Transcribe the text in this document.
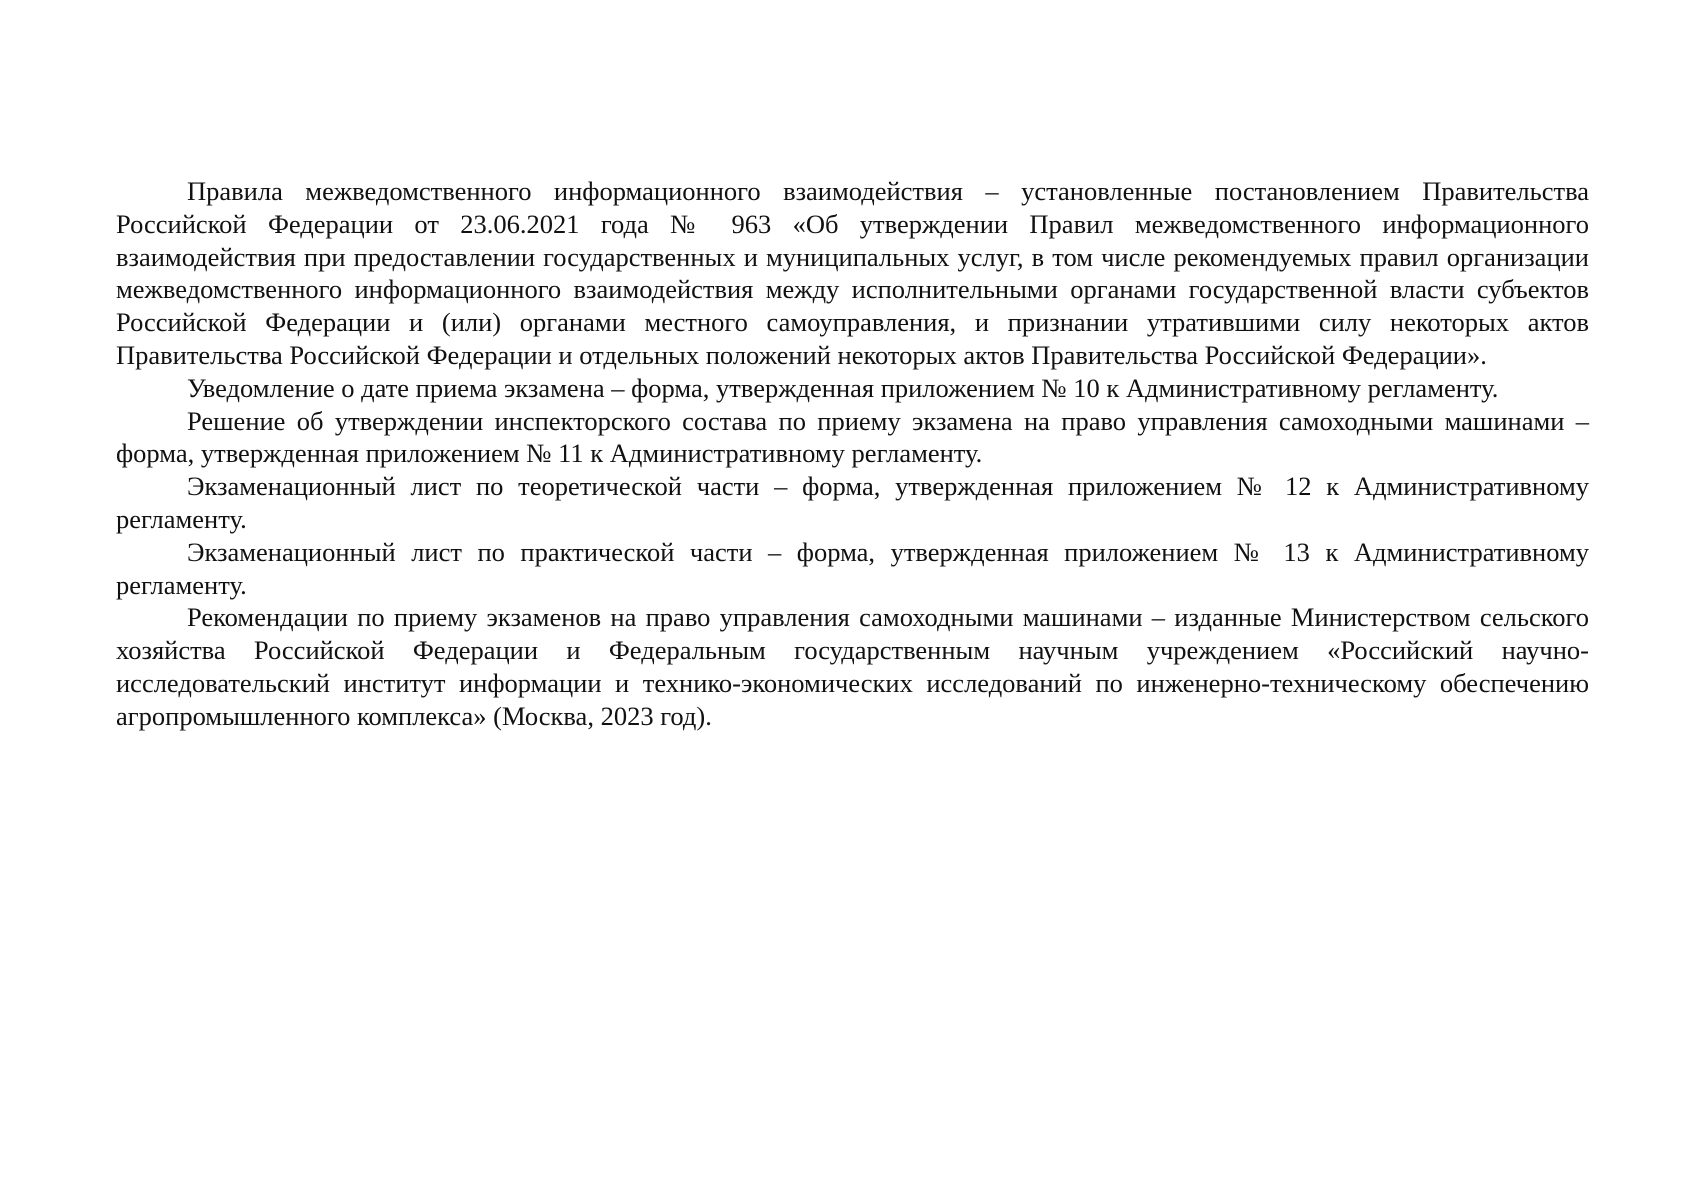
Правила межведомственного информационного взаимодействия – установленные постановлением Правительства Российской Федерации от 23.06.2021 года № 963 «Об утверждении Правил межведомственного информационного взаимодействия при предоставлении государственных и муниципальных услуг, в том числе рекомендуемых правил организации межведомственного информационного взаимодействия между исполнительными органами государственной власти субъектов Российской Федерации и (или) органами местного самоуправления, и признании утратившими силу некоторых актов Правительства Российской Федерации и отдельных положений некоторых актов Правительства Российской Федерации».

Уведомление о дате приема экзамена – форма, утвержденная приложением № 10 к Административному регламенту.

Решение об утверждении инспекторского состава по приему экзамена на право управления самоходными машинами – форма, утвержденная приложением № 11 к Административному регламенту.

Экзаменационный лист по теоретической части – форма, утвержденная приложением № 12 к Административному регламенту.

Экзаменационный лист по практической части – форма, утвержденная приложением № 13 к Административному регламенту.

Рекомендации по приему экзаменов на право управления самоходными машинами – изданные Министерством сельского хозяйства Российской Федерации и Федеральным государственным научным учреждением «Российский научно-исследовательский институт информации и технико-экономических исследований по инженерно-техническому обеспечению агропромышленного комплекса» (Москва, 2023 год).
